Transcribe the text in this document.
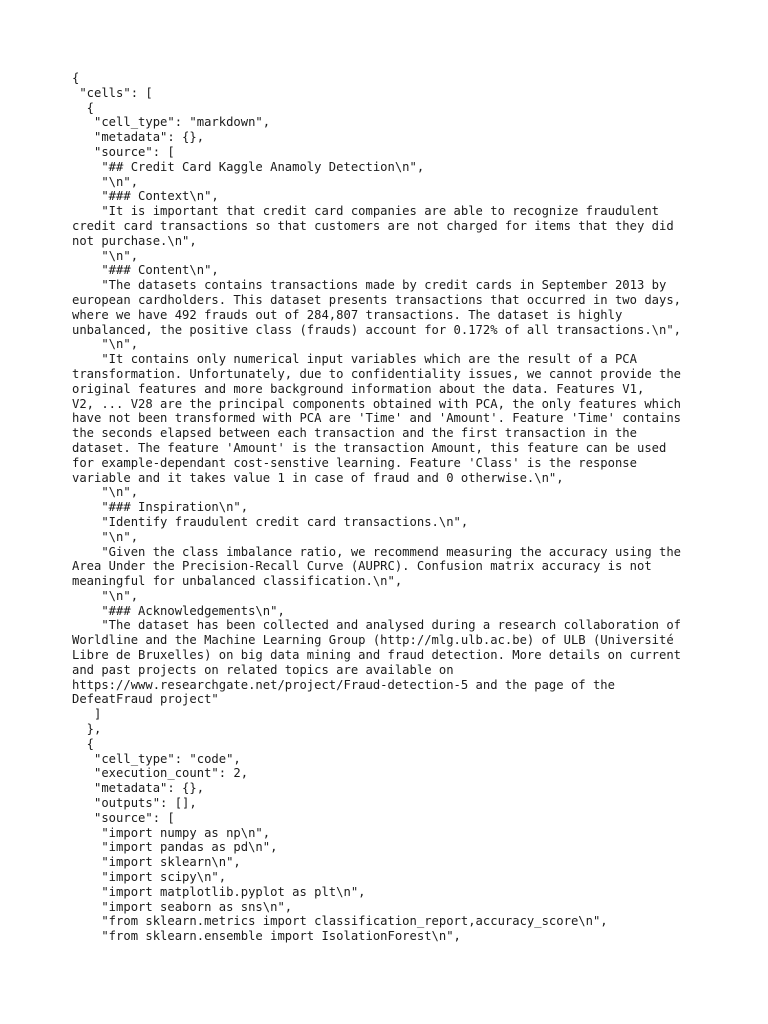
{
"cells": [
{
"cell_type": "markdown",
"metadata": {},
"source": [
"## Credit Card Kaggle Anamoly Detection\n",
"\n",
"### Context\n",
"It is important that credit card companies are able to recognize fraudulent
credit card transactions so that customers are not charged for items that they did
not purchase.\n",
"\n",
"### Content\n",
"The datasets contains transactions made by credit cards in September 2013 by
european cardholders. This dataset presents transactions that occurred in two days,
where we have 492 frauds out of 284,807 transactions. The dataset is highly
unbalanced, the positive class (frauds) account for 0.172% of all transactions.\n",
"\n",
"It contains only numerical input variables which are the result of a PCA
transformation. Unfortunately, due to confidentiality issues, we cannot provide the
original features and more background information about the data. Features V1,
V2, ... V28 are the principal components obtained with PCA, the only features which
have not been transformed with PCA are 'Time' and 'Amount'. Feature 'Time' contains
the seconds elapsed between each transaction and the first transaction in the
dataset. The feature 'Amount' is the transaction Amount, this feature can be used
for example-dependant cost-senstive learning. Feature 'Class' is the response
variable and it takes value 1 in case of fraud and 0 otherwise.\n",
"\n",
"### Inspiration\n",
"Identify fraudulent credit card transactions.\n",
"\n",
"Given the class imbalance ratio, we recommend measuring the accuracy using the
Area Under the Precision-Recall Curve (AUPRC). Confusion matrix accuracy is not
meaningful for unbalanced classification.\n",
"\n",
"### Acknowledgements\n",
"The dataset has been collected and analysed during a research collaboration of
Worldline and the Machine Learning Group (http://mlg.ulb.ac.be) of ULB (Université
Libre de Bruxelles) on big data mining and fraud detection. More details on current
and past projects on related topics are available on
https://www.researchgate.net/project/Fraud-detection-5 and the page of the
DefeatFraud project"
]
},
{
"cell_type": "code",
"execution_count": 2,
"metadata": {},
"outputs": [],
"source": [
"import numpy as np\n",
"import pandas as pd\n",
"import sklearn\n",
"import scipy\n",
"import matplotlib.pyplot as plt\n",
"import seaborn as sns\n",
"from sklearn.metrics import classification_report,accuracy_score\n",
"from sklearn.ensemble import IsolationForest\n",
